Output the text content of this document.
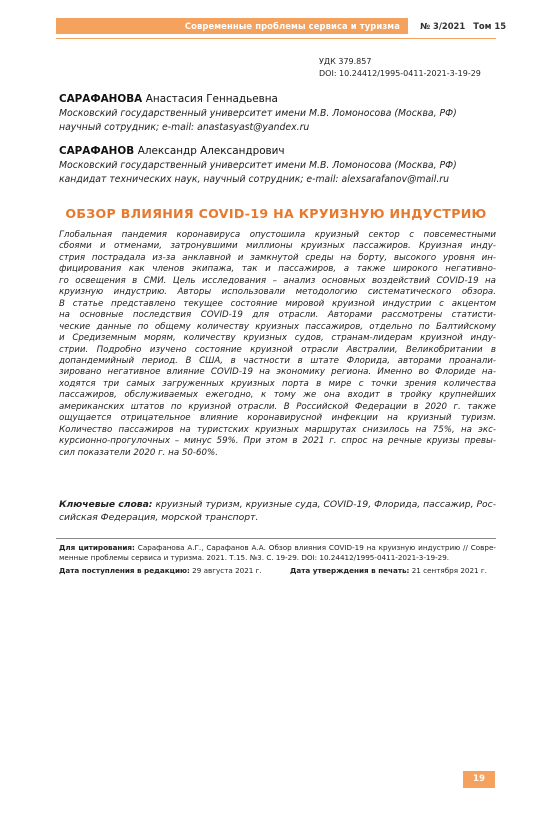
Современные проблемы сервиса и туризма	№ 3/2021 Том 15
УДК 379.857
DOI: 10.24412/1995-0411-2021-3-19-29
САРАФАНОВА Анастасия Геннадьевна
Московский государственный университет имени М.В. Ломоносова (Москва, РФ)
научный сотрудник; e-mail: anastasyast@yandex.ru
САРАФАНОВ Александр Александрович
Московский государственный университет имени М.В. Ломоносова (Москва, РФ)
кандидат технических наук, научный сотрудник; e-mail: alexsarafanov@mail.ru
ОБЗОР ВЛИЯНИЯ COVID-19 НА КРУИЗНУЮ ИНДУСТРИЮ
Глобальная пандемия коронавируса опустошила круизный сектор с повсеместными
сбоями и отменами, затронувшими миллионы круизных пассажиров. Круизная инду-
стрия пострадала из-за анклавной и замкнутой среды на борту, высокого уровня ин-
фицирования как членов экипажа, так и пассажиров, а также широкого негативно-
го освещения в СМИ. Цель исследования – анализ основных воздействий COVID-19 на
круизную индустрию. Авторы использовали методологию систематического обзора.
В статье представлено текущее состояние мировой круизной индустрии с акцентом
на основные последствия COVID-19 для отрасли. Авторами рассмотрены статисти-
ческие данные по общему количеству круизных пассажиров, отдельно по Балтийскому
и Средиземным морям, количеству круизных судов, странам-лидерам круизной инду-
стрии. Подробно изучено состояние круизной отрасли Австралии, Великобритании в
допандемийный период. В США, в частности в штате Флорида, авторами проанали-
зировано негативное влияние COVID-19 на экономику региона. Именно во Флориде на-
ходятся три самых загруженных круизных порта в мире с точки зрения количества
пассажиров, обслуживаемых ежегодно, к тому же она входит в тройку крупнейших
американских штатов по круизной отрасли. В Российской Федерации в 2020 г. также
ощущается отрицательное влияние коронавирусной инфекции на круизный туризм.
Количество пассажиров на туристских круизных маршрутах снизилось на 75%, на экс-
курсионно-прогулочных – минус 59%. При этом в 2021 г. спрос на речные круизы превы-
сил показатели 2020 г. на 50-60%.
Ключевые слова: круизный туризм, круизные суда, COVID-19, Флорида, пассажир, Рос-
сийская Федерация, морской транспорт.
Для цитирования: Сарафанова А.Г., Сарафанов А.А. Обзор влияния COVID-19 на круизную индустрию // Совре-
менные проблемы сервиса и туризма. 2021. Т.15. №3. С. 19-29. DOI: 10.24412/1995-0411-2021-3-19-29.
Дата поступления в редакцию: 29 августа 2021 г.	Дата утверждения в печать: 21 сентября 2021 г.
19
